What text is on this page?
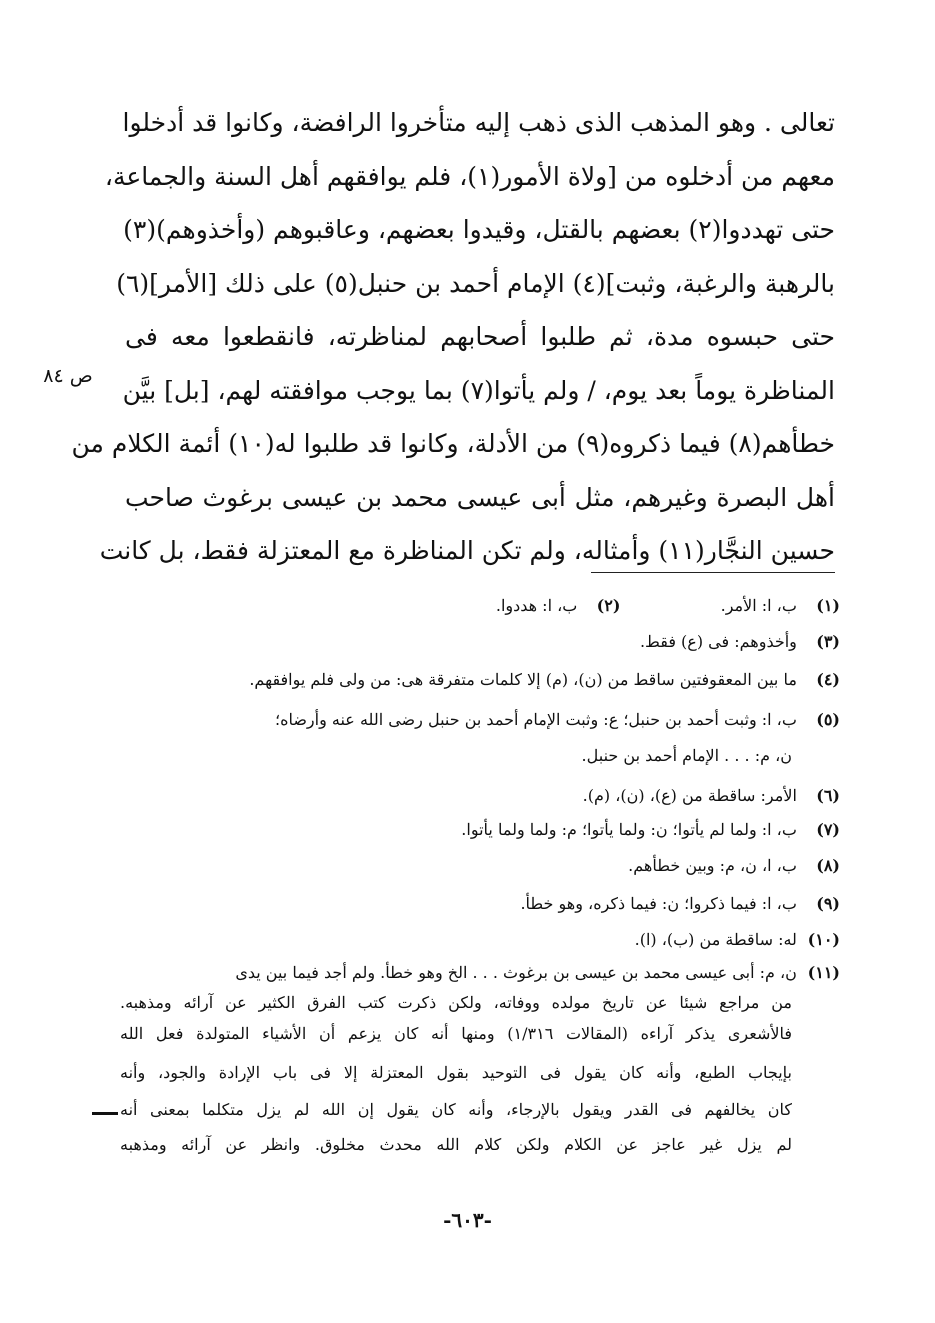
تعالى . وهو المذهب الذى ذهب إليه متأخروا الرافضة، وكانوا قد أدخلوا
معهم من أدخلوه من [ولاة الأمور(١)، فلم يوافقهم أهل السنة والجماعة،
حتى تهددوا(٢) بعضهم بالقتل، وقيدوا بعضهم، وعاقبوهم (وأخذوهم)(٣)
بالرهبة والرغبة، وثبت](٤) الإمام أحمد بن حنبل(٥) على ذلك [الأمر](٦)
حتى حبسوه مدة، ثم طلبوا أصحابهم لمناظرته، فانقطعوا معه فى
المناظرة يوماً بعد يوم، / ولم يأتوا(٧) بما يوجب موافقته لهم، [بل] بيَّن
خطأهم(٨) فيما ذكروه(٩) من الأدلة، وكانوا قد طلبوا له(١٠) أئمة الكلام من
أهل البصرة وغيرهم، مثل أبى عيسى محمد بن عيسى برغوث صاحب
حسين النجَّار(١١) وأمثاله، ولم تكن المناظرة مع المعتزلة فقط، بل كانت
ص ٨٤
(١) ب، ا: الأمر.  (٢) ب، ا: هددوا.
(٣) وأخذوهم: فى (ع) فقط.
(٤) ما بين المعقوفتين ساقط من (ن)، (م) إلا كلمات متفرقة هى: من ولى فلم يوافقهم.
(٥) ب، ا: وثبت أحمد بن حنبل؛ ع: وثبت الإمام أحمد بن حنبل رضى الله عنه وأرضاه؛
ن، م: . . . الإمام أحمد بن حنبل.
(٦) الأمر: ساقطة من (ع)، (ن)، (م).
(٧) ب، ا: ولما لم يأتوا؛ ن: ولما يأتوا؛ م: ولما ولما يأتوا.
(٨) ب، ا، ن، م: وبين خطأهم.
(٩) ب، ا: فيما ذكروا؛ ن: فيما ذكره، وهو خطأ.
(١٠) له: ساقطة من (ب)، (ا).
(١١) ن، م: أبى عيسى محمد بن عيسى بن برغوث . . . الخ وهو خطأ. ولم أجد فيما بين يدى
من مراجع شيئا عن تاريخ مولده ووفاته، ولكن ذكرت كتب الفرق الكثير عن آرائه ومذهبه.
فالأشعرى يذكر آراءه (المقالات ١/٣١٦) ومنها أنه كان يزعم أن الأشياء المتولدة فعل الله
بإيجاب الطبع، وأنه كان يقول فى التوحيد بقول المعتزلة إلا فى باب الإرادة والجود، وأنه
كان يخالفهم فى القدر ويقول بالإرجاء، وأنه كان يقول إن الله لم يزل متكلما بمعنى أنه
لم يزل غير عاجز عن الكلام ولكن كلام الله محدث مخلوق. وانظر عن آرائه ومذهبه
-٦٠٣-
